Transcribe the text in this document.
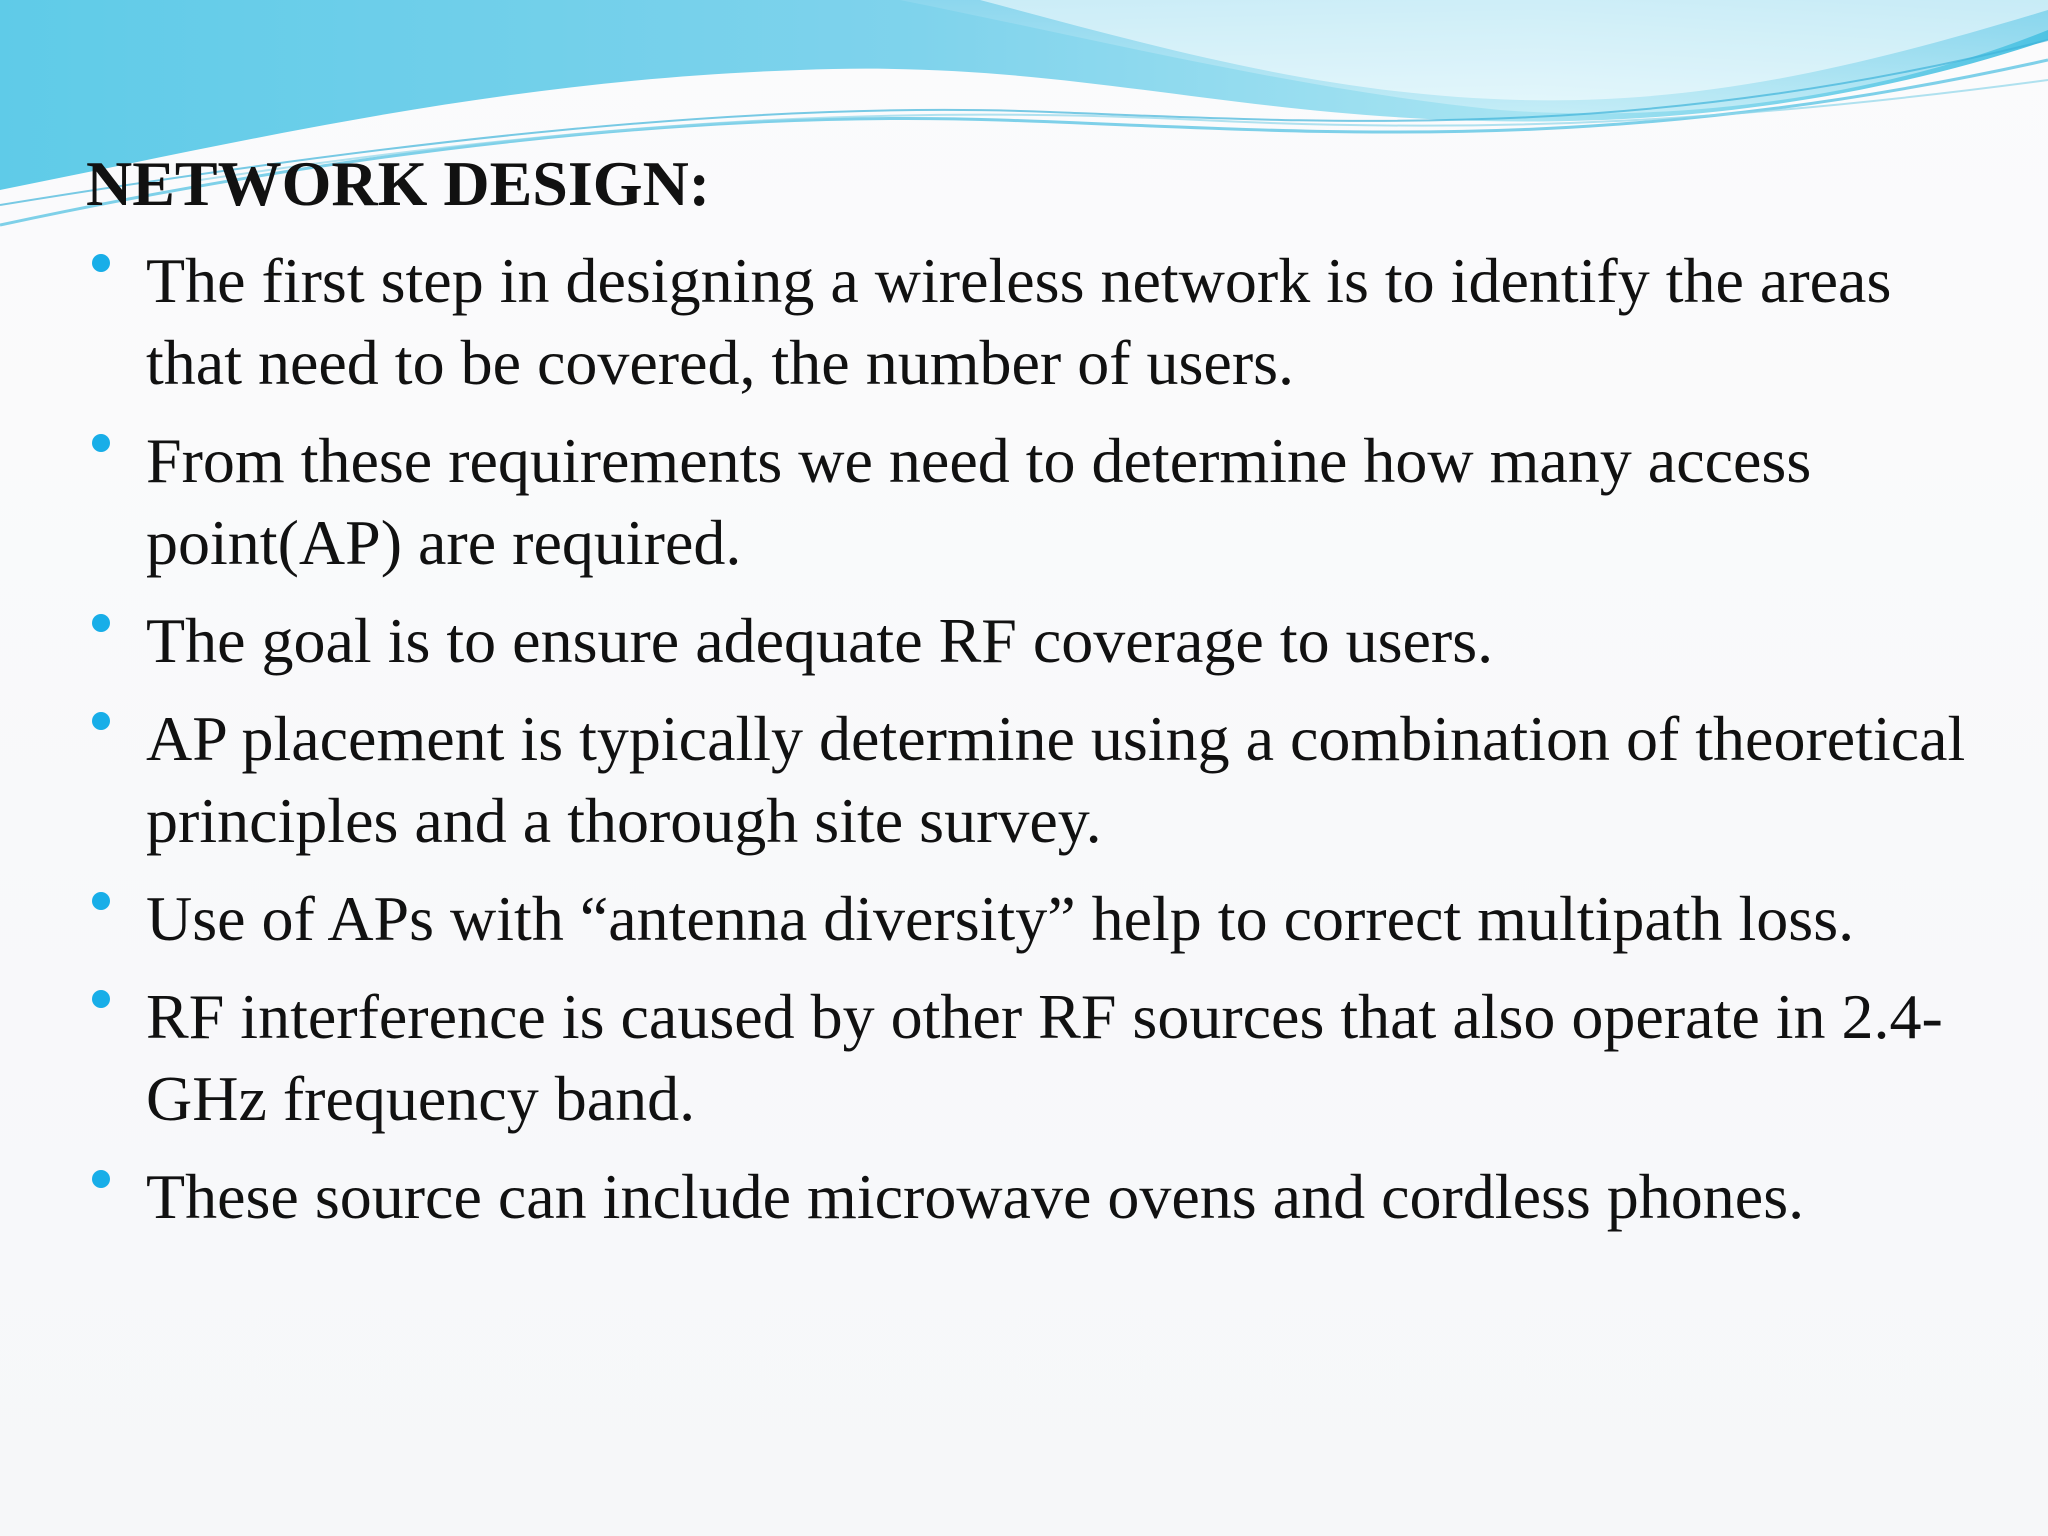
NETWORK DESIGN:
The first step in designing a wireless network is to identify the areas that need to be covered, the number of users.
From these requirements we need to determine how many access point(AP) are required.
The goal is to ensure adequate RF coverage to users.
AP placement is typically determine using a combination of theoretical principles and a thorough site survey.
Use of APs with “antenna diversity” help to correct multipath loss.
RF interference is caused by other RF sources that also operate in 2.4-GHz frequency band.
These source can include microwave ovens and cordless phones.
